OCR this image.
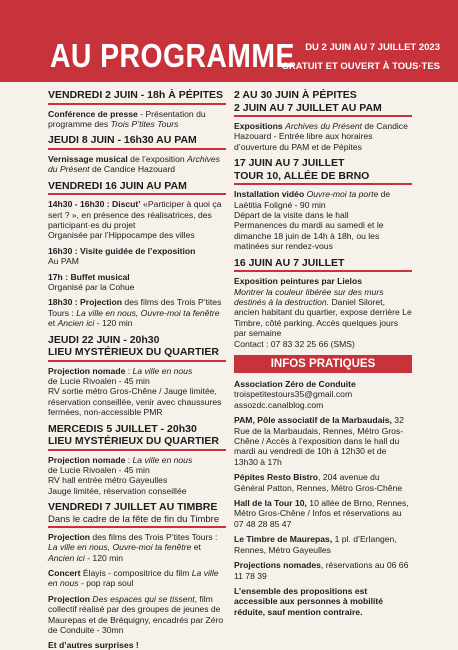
AU PROGRAMME DU 2 JUIN AU 7 JUILLET 2023
GRATUIT ET OUVERT À TOUS·TES
VENDREDI 2 JUIN - 18h À PÉPITES
Conférence de presse - Présentation du programme des Trois P’tites Tours
JEUDI 8 JUIN - 16h30 AU PAM
Vernissage musical de l’exposition Archives du Présent de Candice Hazouard
VENDREDI 16 JUIN AU PAM
14h30 - 16h30 : Discut’ «Participer à quoi ça sert ? », en présence des réalisatrices, des participant·es du projet
Organisée par l’Hippocampe des villes
16h30 : Visite guidée de l’exposition
Au PAM
17h : Buffet musical
Organisé par la Cohue
18h30 : Projection des films des Trois P’tites Tours : La ville en nous, Ouvre-moi ta fenêtre et Ancien ici - 120 min
JEUDI 22 JUIN - 20h30
LIEU MYSTÉRIEUX DU QUARTIER
Projection nomade : La ville en nous
de Lucie Rivoalen - 45 min
RV sortie métro Gros-Chêne / Jauge limitée, réservation conseillée, venir avec chaussures fermées, non-accessible PMR
MERCEDIS 5 JUILLET - 20h30
LIEU MYSTÉRIEUX DU QUARTIER
Projection nomade : La ville en nous
de Lucie Rivoalen - 45 min
RV hall entrée métro Gayeulles
Jauge limitée, réservation conseillée
VENDREDI 7 JUILLET AU TIMBRE
Dans le cadre de la fête de fin du Timbre
Projection des films des Trois P’tites Tours : La ville en nous, Ouvre-moi ta fenêtre et Ancien ici - 120 min
Concert Élayis - compositrice du film La ville en nous - pop rap soul
Projection Des espaces qui se tissent, film collectif réalisé par des groupes de jeunes de Maurepas et de Bréquigny, encadrés par Zéro de Conduite - 30mn
Et d’autres surprises !
2 AU 30 JUIN À PÉPITES
2 JUIN AU 7 JUILLET AU PAM
Expositions Archives du Présent de Candice Hazouard - Entrée libre aux horaires d’ouverture du PAM et de Pépites
17 JUIN AU 7 JUILLET
TOUR 10, ALLÉE DE BRNO
Installation vidéo Ouvre-moi ta porte de Laëtitia Foligné - 90 min
Départ de la visite dans le hall
Permanences du mardi au samedi et le dimanche 18 juin de 14h à 18h, ou les matinées sur rendez-vous
16 JUIN AU 7 JUILLET
Exposition peintures par Lielos
Montrer la couleur libérée sur des murs destinés à la destruction. Daniel Siloret, ancien habitant du quartier, expose derrière Le Timbre, côté parking. Accès quelques jours par semaine
Contact : 07 83 32 25 66 (SMS)
INFOS PRATIQUES
Association Zéro de Conduite
troispetitestours35@gmail.com
assozdc.canalblog.com
PAM, Pôle associatif de la Marbaudais, 32 Rue de la Marbaudais, Rennes, Métro Gros-Chêne / Accès à l’exposition dans le hall du mardi au vendredi de 10h à 12h30 et de 13h30 à 17h
Pépites Resto Bistro, 204 avenue du Général Patton, Rennes, Métro Gros-Chêne
Hall de la Tour 10, 10 allée de Brno, Rennes, Métro Gros-Chêne / Infos et réservations au 07 48 28 85 47
Le Timbre de Maurepas, 1 pl. d’Erlangen, Rennes, Métro Gayeulles
Projections nomades, réservations au 06 66 11 78 39
L’ensemble des propositions est accessible aux personnes à mobilité réduite, sauf mention contraire.
